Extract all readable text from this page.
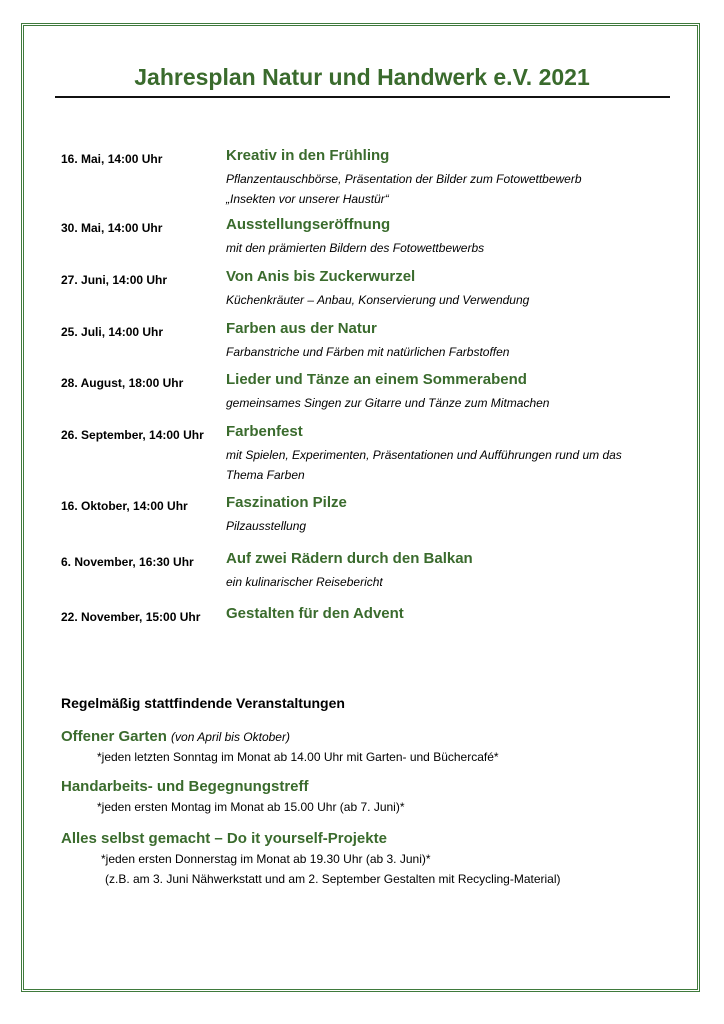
Jahresplan Natur und Handwerk e.V. 2021
16. Mai, 14:00 Uhr	Kreativ in den Frühling
Pflanzentauschbörse, Präsentation der Bilder zum Fotowettbewerb
„Insekten vor unserer Haustür“
30. Mai, 14:00 Uhr	Ausstellungseröffnung
mit den prämierten Bildern des Fotowettbewerbs
27. Juni, 14:00 Uhr	Von Anis bis Zuckerwurzel
Küchenkräuter – Anbau, Konservierung und Verwendung
25. Juli, 14:00 Uhr	Farben aus der Natur
Farbanstriche und Färben mit natürlichen Farbstoffen
28. August, 18:00 Uhr	Lieder und Tänze an einem Sommerabend
gemeinsames Singen zur Gitarre und Tänze zum Mitmachen
26. September, 14:00 Uhr Farbenfest
mit Spielen, Experimenten, Präsentationen und Aufführungen rund um das
Thema Farben
16. Oktober, 14:00 Uhr	Faszination Pilze
Pilzausstellung
6. November, 16:30 Uhr Auf zwei Rädern durch den Balkan
ein kulinarischer Reisebericht
22. November, 15:00 Uhr Gestalten für den Advent
Regelmäßig stattfindende Veranstaltungen
Offener Garten (von April bis Oktober)
*jeden letzten Sonntag im Monat ab 14.00 Uhr mit Garten- und Büchercafé*
Handarbeits- und Begegnungstreff
*jeden ersten Montag im Monat ab 15.00 Uhr (ab 7. Juni)*
Alles selbst gemacht – Do it yourself-Projekte
*jeden ersten Donnerstag im Monat ab 19.30 Uhr (ab 3. Juni)*
(z.B. am 3. Juni Nähwerkstatt und am 2. September Gestalten mit Recycling-Material)
